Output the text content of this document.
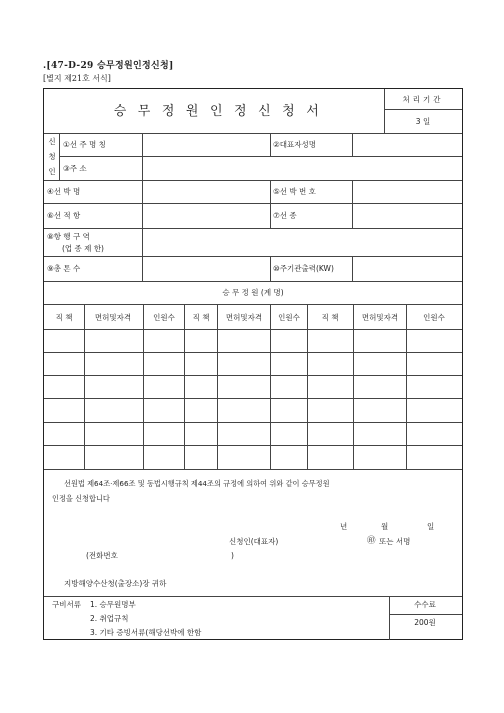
.[47-D-29 승무정원인정신청]
[별지 제21호 서식]
승무정원인정신청서
처리기간
3 일
신
청
인
①선 주 명 칭	②대표자성명
③주 소
④선 박 명	⑤선 박 번 호
⑥선 적 항	⑦선 종
⑧항 행 구 역
(업 종 제 한)
⑨총 톤 수	⑩주기관출력(KW)
승 무 정 원 (계 명)
직 책	면허및자격	인원수 직 책 면허및자격 인원수	직 책	면허및자격	인원수
선원법 제64조·제66조 및 동법시행규칙 제44조의 규정에 의하여 위와 같이 승무정원
인정을 신청합니다
년	월	일
신청인(대표자)	㊞ 또는 서명
(전화번호	)
지방해양수산청(출장소)장 귀하
구비서류 1. 승무원명부
2. 취업규칙
3. 기타 증빙서류(해당선박에 한함
수수료
200원
